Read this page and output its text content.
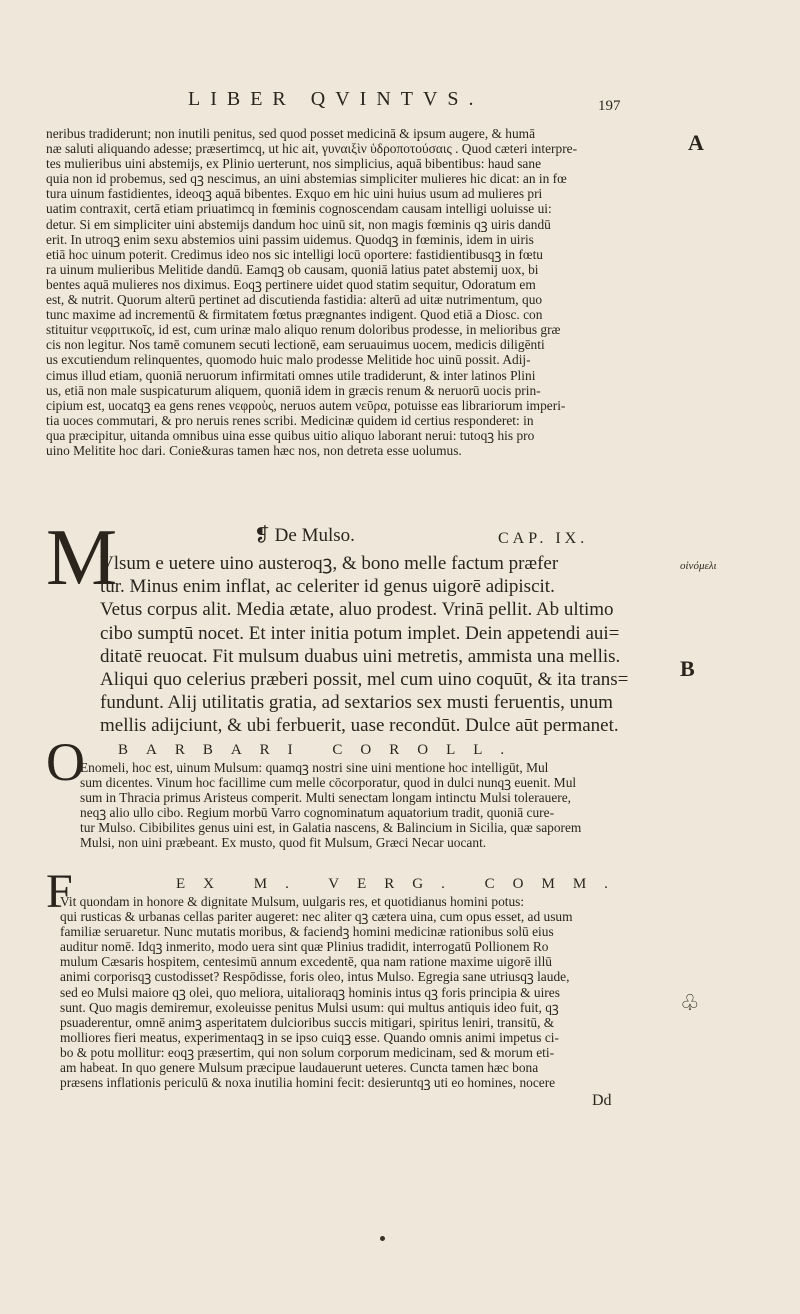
LIBER QVINTVS.	197
A
οἰνόμελι
B
♧
neribus tradiderunt; non inutili penitus, sed quod posset medicinā & ipsum augere, & humā
næ saluti aliquando adesse; præsertimcq, ut hic ait, γυναιξὶν ὑδροποτούσαις . Quod cæteri interpre-
tes mulieribus uini abstemijs, ex Plinio uerterunt, nos simplicius, aquā bibentibus: haud sane
quia non id probemus, sed qꝫ nescimus, an uini abstemias simpliciter mulieres hic dicat: an in fœ
tura uinum fastidientes, ideoqꝫ aquā bibentes. Exquo em hic uini huius usum ad mulieres pri
uatim contraxit, certā etiam priuatimcq in fœminis cognoscendam causam intelligi uoluisse ui:
detur. Si em simpliciter uini abstemijs dandum hoc uinū sit, non magis fœminis qꝫ uiris dandū
erit. In utroqꝫ enim sexu abstemios uini passim uidemus. Quodqꝫ in fœminis, idem in uiris
etiā hoc uinum poterit. Credimus ideo nos sic intelligi locū oportere: fastidientibusqꝫ in fœtu
ra uinum mulieribus Melitide dandū. Eamqꝫ ob causam, quoniā latius patet abstemij uox, bi
bentes aquā mulieres nos diximus. Eoqꝫ pertinere uidet quod statim sequitur, Odoratum em
est, & nutrit. Quorum alterū pertinet ad discutienda fastidia: alterū ad uitæ nutrimentum, quo
tunc maxime ad incrementū & firmitatem fœtus prægnantes indigent. Quod etiā a Diosc. con
stituitur νεφριτικοῖς, id est, cum urinæ malo aliquo renum doloribus prodesse, in melioribus græ
cis non legitur. Nos tamē comunem secuti lectionē, eam seruauimus uocem, medicis diligēnti
us excutiendum relinquentes, quomodo huic malo prodesse Melitide hoc uinū possit. Adij-
cimus illud etiam, quoniā neruorum infirmitati omnes utile tradiderunt, & inter latinos Plini
us, etiā non male suspicaturum aliquem, quoniā idem in græcis renum & neruorū uocis prin-
cipium est, uocatqꝫ ea gens renes νεφροὺς, neruos autem νεῦρα, potuisse eas librariorum imperi-
tia uoces commutari, & pro neruis renes scribi. Medicinæ quidem id certius responderet: in
qua præcipitur, uitanda omnibus uina esse quibus uitio aliquo laborant nerui: tutoqꝫ his pro
uino Melitite hoc dari. Conie&uras tamen hæc nos, non detreta esse uolumus.
M	❡ De Mulso.	CAP. IX.
Vlsum e uetere uino austeroqꝫ, & bono melle factum præfer
tur. Minus enim inflat, ac celeriter id genus uigorē adipiscit.
Vetus corpus alit. Media ætate, aluo prodest. Vrinā pellit. Ab ultimo
cibo sumptū nocet. Et inter initia potum implet. Dein appetendi aui=
ditatē reuocat. Fit mulsum duabus uini metretis, ammista una mellis.
Aliqui quo celerius præberi possit, mel cum uino coquūt, & ita trans=
fundunt. Alij utilitatis gratia, ad sextarios sex musti feruentis, unum
mellis adijciunt, & ubi ferbuerit, uase recondūt. Dulce aūt permanet.
O BARBARI COROLL.
Enomeli, hoc est, uinum Mulsum: quamqꝫ nostri sine uini mentione hoc intelligūt, Mul
sum dicentes. Vinum hoc facillime cum melle cōcorporatur, quod in dulci nunqꝫ euenit. Mul
sum in Thracia primus Aristeus comperit. Multi senectam longam intinctu Mulsi tolerauere,
neqꝫ alio ullo cibo. Regium morbū Varro cognominatum aquatorium tradit, quoniā cure-
tur Mulso. Cibibilites genus uini est, in Galatia nascens, & Balincium in Sicilia, quæ saporem
Mulsi, non uini præbeant. Ex musto, quod fit Mulsum, Græci Necar uocant.
F	EX M. VERG. COMM.
Vit quondam in honore & dignitate Mulsum, uulgaris res, et quotidianus homini potus:
qui rusticas & urbanas cellas pariter augeret: nec aliter qꝫ cætera uina, cum opus esset, ad usum
familiæ seruaretur. Nunc mutatis moribus, & faciendꝫ homini medicinæ rationibus solū eius
auditur nomē. Idqꝫ inmerito, modo uera sint quæ Plinius tradidit, interrogatū Pollionem Ro
mulum Cæsaris hospitem, centesimū annum excedentē, qua nam ratione maxime uigorē illū
animi corporisqꝫ custodisset? Respōdisse, foris oleo, intus Mulso. Egregia sane utriusqꝫ laude,
sed eo Mulsi maiore qꝫ olei, quo meliora, uitalioraqꝫ hominis intus qꝫ foris principia & uires
sunt. Quo magis demiremur, exoleuisse penitus Mulsi usum: qui multus antiquis ideo fuit, qꝫ
psuaderentur, omnē animꝫ asperitatem dulcioribus succis mitigari, spiritus leniri, transitū, &
molliores fieri meatus, experimentaqꝫ in se ipso cuiqꝫ esse. Quando omnis animi impetus ci-
bo & potu mollitur: eoqꝫ præsertim, qui non solum corporum medicinam, sed & morum eti-
am habeat. In quo genere Mulsum præcipue laudauerunt ueteres. Cuncta tamen hæc bona
præsens inflationis periculū & noxa inutilia homini fecit: desieruntqꝫ uti eo homines, nocere
Dd
